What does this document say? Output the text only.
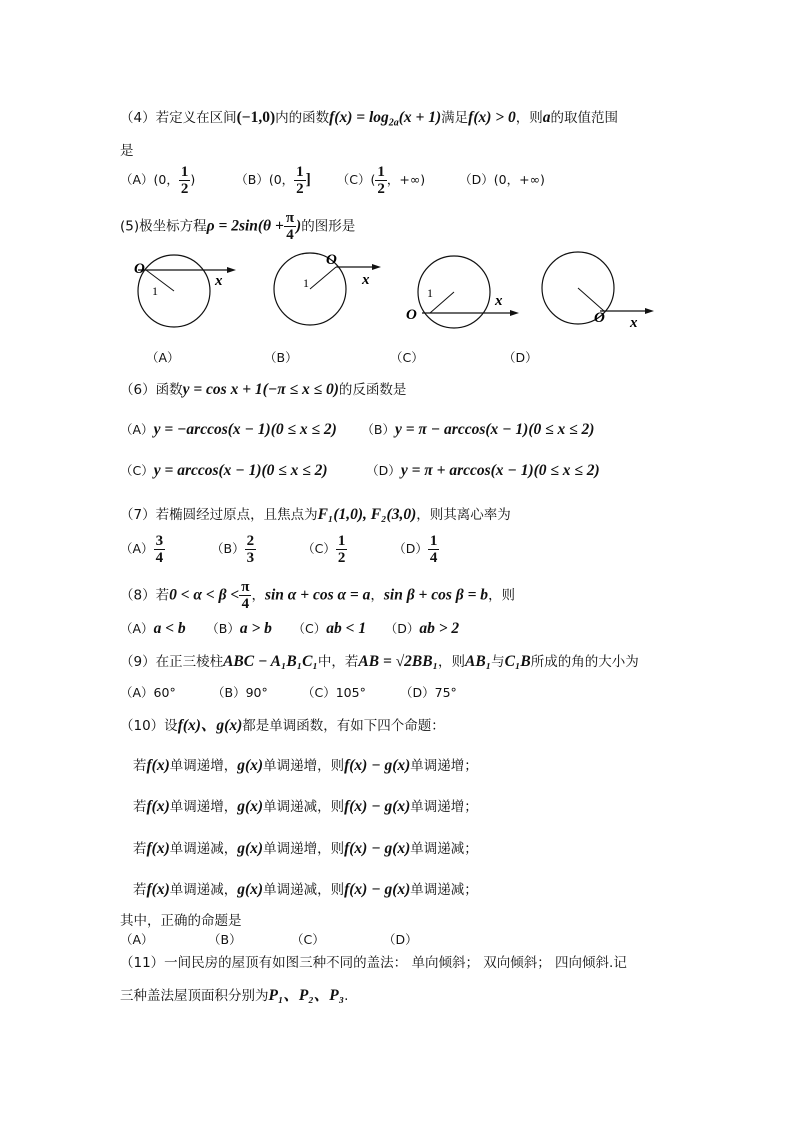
（4）若定义在区间(−1,0)内的函数$f(x) = \log_{2a}(x + 1)$满足f(x) > 0，则a的取值范围
是
（A）(0， $\frac{1}{2}$ )	（B）(0， $\frac{1}{2}$ ] $(C)( \frac{1}{2}$ ，+∞)	（D）(0，+∞)
(5)极坐标方程$\rho = 2\sin(\theta + \frac{\pi}{4}$ )的图形是
O
x
1
O
x
1
O
x
1
O x
（A）	（B）	（C）	（D）
（6）函数y = cos x + 1(−π ≤ x ≤ 0)的反函数是
（A）y = −arccos(x − 1)(0 ≤ x ≤ 2) （B）y = π − arccos(x − 1)(0 ≤ x ≤ 2)
（C）y = arccos(x − 1)(0 ≤ x ≤ 2)	（D）y = π + arccos(x − 1)(0 ≤ x ≤ 2)
（7）若椭圆经过原点，且焦点为F₁(1,0), F₂(3,0)，则其离心率为
$(A) \frac{3}{4}$	$(B) \frac{2}{3}$	$(C) \frac{1}{2}$	$(D) \frac{1}{4}$
（8）若$0 < \alpha < \beta < \frac{\pi}{4}$ ，sin α + cos α = a，sin β + cos β = b，则
（A）a < b （B）a > b （C）ab < 1 （D）ab > 2
（9）在正三棱柱ABC − A₁B₁C₁中，若AB = √2BB₁，则AB₁与C₁B所成的角的大小为
（A）60°	（B）90°	（C）105°	（D）75°
（10）设f(x)、g(x)都是单调函数，有如下四个命题：
若f(x)单调递增，g(x)单调递增，则f(x) − g(x)单调递增；
若f(x)单调递增，g(x)单调递减，则f(x) − g(x)单调递增；
若f(x)单调递减，g(x)单调递增，则f(x) − g(x)单调递减；
若f(x)单调递减，g(x)单调递减，则f(x) − g(x)单调递减；
其中，正确的命题是
（A）	（B）	（C）	（D）
（11）一间民房的屋顶有如图三种不同的盖法： 单向倾斜； 双向倾斜； 四向倾斜.记
三种盖法屋顶面积分别为P₁、P₂、P₃.
